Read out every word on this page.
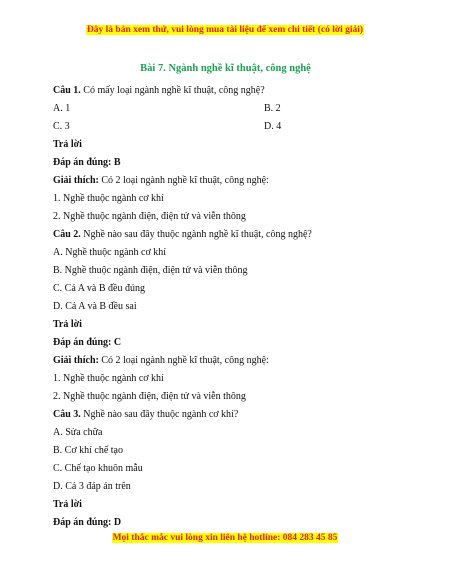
Đây là bản xem thử, vui lòng mua tài liệu để xem chi tiết (có lời giải)
Bài 7. Ngành nghề kĩ thuật, công nghệ
Câu 1. Có mấy loại ngành nghề kĩ thuật, công nghệ?
A. 1	B. 2
C. 3	D. 4
Trả lời
Đáp án đúng: B
Giải thích: Có 2 loại ngành nghề kĩ thuật, công nghệ:
1. Nghề thuộc ngành cơ khí
2. Nghề thuộc ngành điện, điện tử và viễn thông
Câu 2. Nghề nào sau đây thuộc ngành nghề kĩ thuật, công nghệ?
A. Nghề thuộc ngành cơ khí
B. Nghề thuộc ngành điện, điện tử và viễn thông
C. Cả A và B đều đúng
D. Cả A và B đều sai
Trả lời
Đáp án đúng: C
Giải thích: Có 2 loại ngành nghề kĩ thuật, công nghệ:
1. Nghề thuộc ngành cơ khí
2. Nghề thuộc ngành điện, điện tử và viễn thông
Câu 3. Nghề nào sau đây thuộc ngành cơ khí?
A. Sửa chữa
B. Cơ khí chế tạo
C. Chế tạo khuôn mẫu
D. Cả 3 đáp án trên
Trả lời
Đáp án đúng: D
Mọi thắc mắc vui lòng xin liên hệ hotline: 084 283 45 85
